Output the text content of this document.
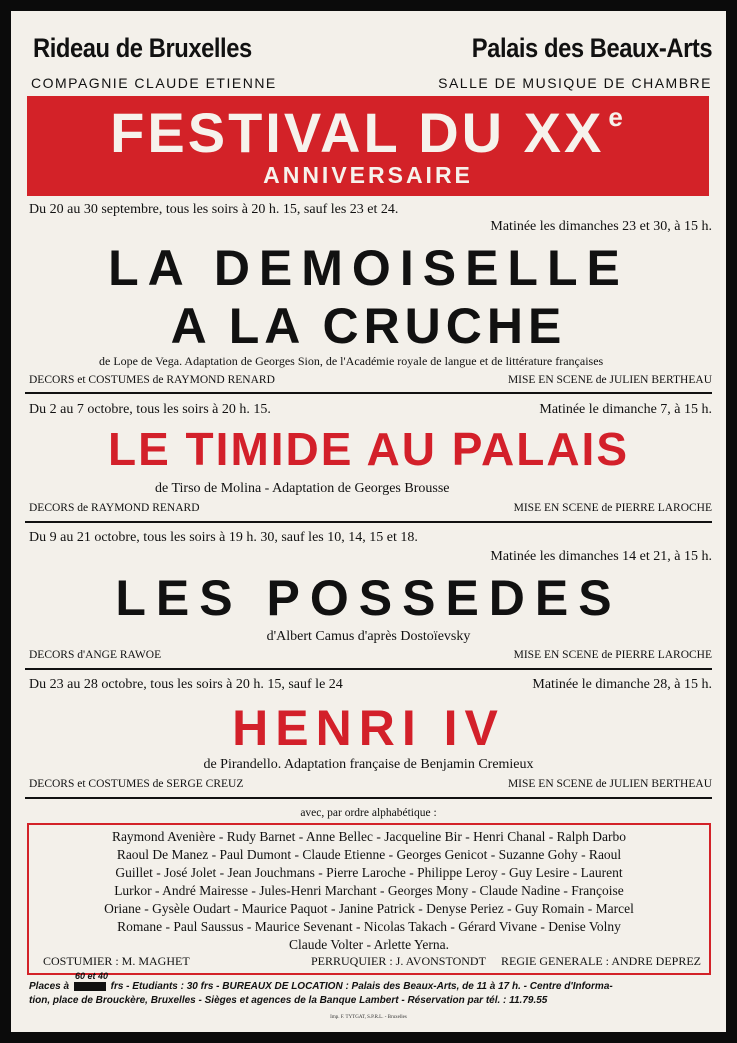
Rideau de Bruxelles
COMPAGNIE CLAUDE ETIENNE
Palais des Beaux-Arts
SALLE DE MUSIQUE DE CHAMBRE
FESTIVAL DU XX $^e$
ANNIVERSAIRE
Du 20 au 30 septembre, tous les soirs à 20 h. 15, sauf les 23 et 24.
Matinée les dimanches 23 et 30, à 15 h.
LA DEMOISELLE
A LA CRUCHE
de Lope de Vega. Adaptation de Georges Sion, de l'Académie royale de langue et de littérature françaises
DECORS et COSTUMES de RAYMOND RENARD	MISE EN SCENE de JULIEN BERTHEAU
Du 2 au 7 octobre, tous les soirs à 20 h. 15.	Matinée le dimanche 7, à 15 h.
LE TIMIDE AU PALAIS
de Tirso de Molina - Adaptation de Georges Brousse
DECORS de RAYMOND RENARD	MISE EN SCENE de PIERRE LAROCHE
Du 9 au 21 octobre, tous les soirs à 19 h. 30, sauf les 10, 14, 15 et 18.
Matinée les dimanches 14 et 21, à 15 h.
LES POSSEDES
d'Albert Camus d'après Dostoïevsky
DECORS d'ANGE RAWOE	MISE EN SCENE de PIERRE LAROCHE
Du 23 au 28 octobre, tous les soirs à 20 h. 15, sauf le 24	Matinée le dimanche 28, à 15 h.
HENRI IV
de Pirandello. Adaptation française de Benjamin Cremieux
DECORS et COSTUMES de SERGE CREUZ	MISE EN SCENE de JULIEN BERTHEAU
avec, par ordre alphabétique :
Raymond Avenière - Rudy Barnet - Anne Bellec - Jacqueline Bir - Henri Chanal - Ralph Darbo
Raoul De Manez - Paul Dumont - Claude Etienne - Georges Genicot - Suzanne Gohy - Raoul
Guillet - José Jolet - Jean Jouchmans - Pierre Laroche - Philippe Leroy - Guy Lesire - Laurent
Lurkor - André Mairesse - Jules-Henri Marchant - Georges Mony - Claude Nadine - Françoise
Oriane - Gysèle Oudart - Maurice Paquot - Janine Patrick - Denyse Periez - Guy Romain - Marcel
Romane - Paul Saussus - Maurice Sevenant - Nicolas Takach - Gérard Vivane - Denise Volny
Claude Volter - Arlette Yerna.
COSTUMIER : M. MAGHET	PERRUQUIER : J. AVONSTONDT REGIE GENERALE : ANDRE DEPREZ
60 et 40
Places à	frs - Etudiants : 30 frs - BUREAUX DE LOCATION : Palais des Beaux-Arts, de 11 à 17 h. - Centre d'Informa-
tion, place de Brouckère, Bruxelles - Sièges et agences de la Banque Lambert - Réservation par tél. : 11.79.55
Imp. F. TYTGAT, S.P.R.L. - Bruxelles
